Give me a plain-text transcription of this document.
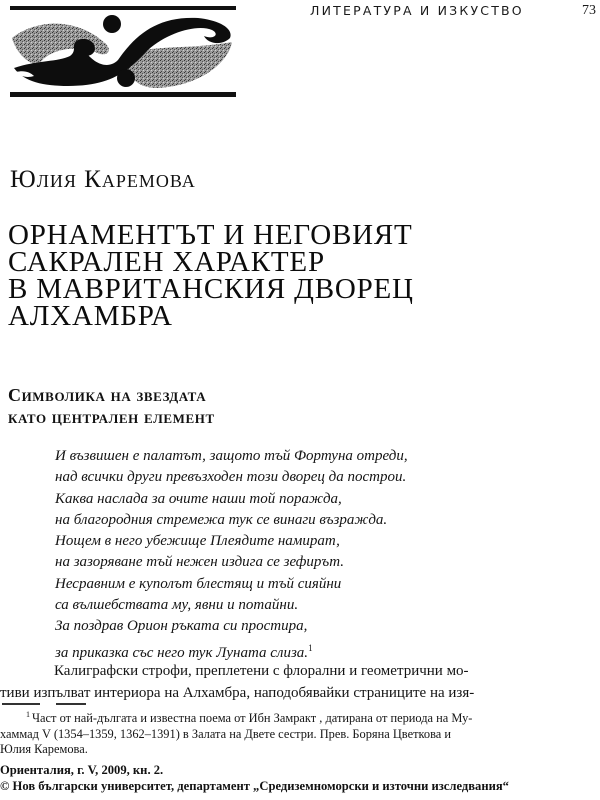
ЛИТЕРАТУРА И ИЗКУСТВО	73
Юлия Каремова
ОРНАМЕНТЪТ И НЕГОВИЯТ
САКРАЛЕН ХАРАКТЕР
В МАВРИТАНСКИЯ ДВОРЕЦ
АЛХАМБРА
Символика на звездата
като централен елемент
И възвишен е палатът, защото тъй Фортуна отреди,
над всички други превъзходен този дворец да построи.
Каква наслада за очите наши той поражда,
на благородния стремежа тук се винаги възражда.
Нощем в него убежище Плеядите намират,
на зазоряване тъй нежен издига се зефирът.
Несравним е куполът блестящ и тъй сияйни
са вълшебствата му, явни и потайни.
За поздрав Орион ръката си простира,
за приказка със него тук Луната слиза.$^1$
Калиграфски строфи, преплетени с флорални и геометрични мо-
тиви изпълват интериора на Алхамбра, наподобявайки страниците на изя-
$^1$ Част от най-дългата и известна поема от Ибн Замракт , датирана от периода на Му-
хаммад V (1354–1359, 1362–1391) в Залата на Двете сестри. Прев. Боряна Цветкова и
Юлия Каремова.
Ориенталия, г. V, 2009, кн. 2.
© Нов български университет, департамент „Средиземноморски и източни изследвания“
